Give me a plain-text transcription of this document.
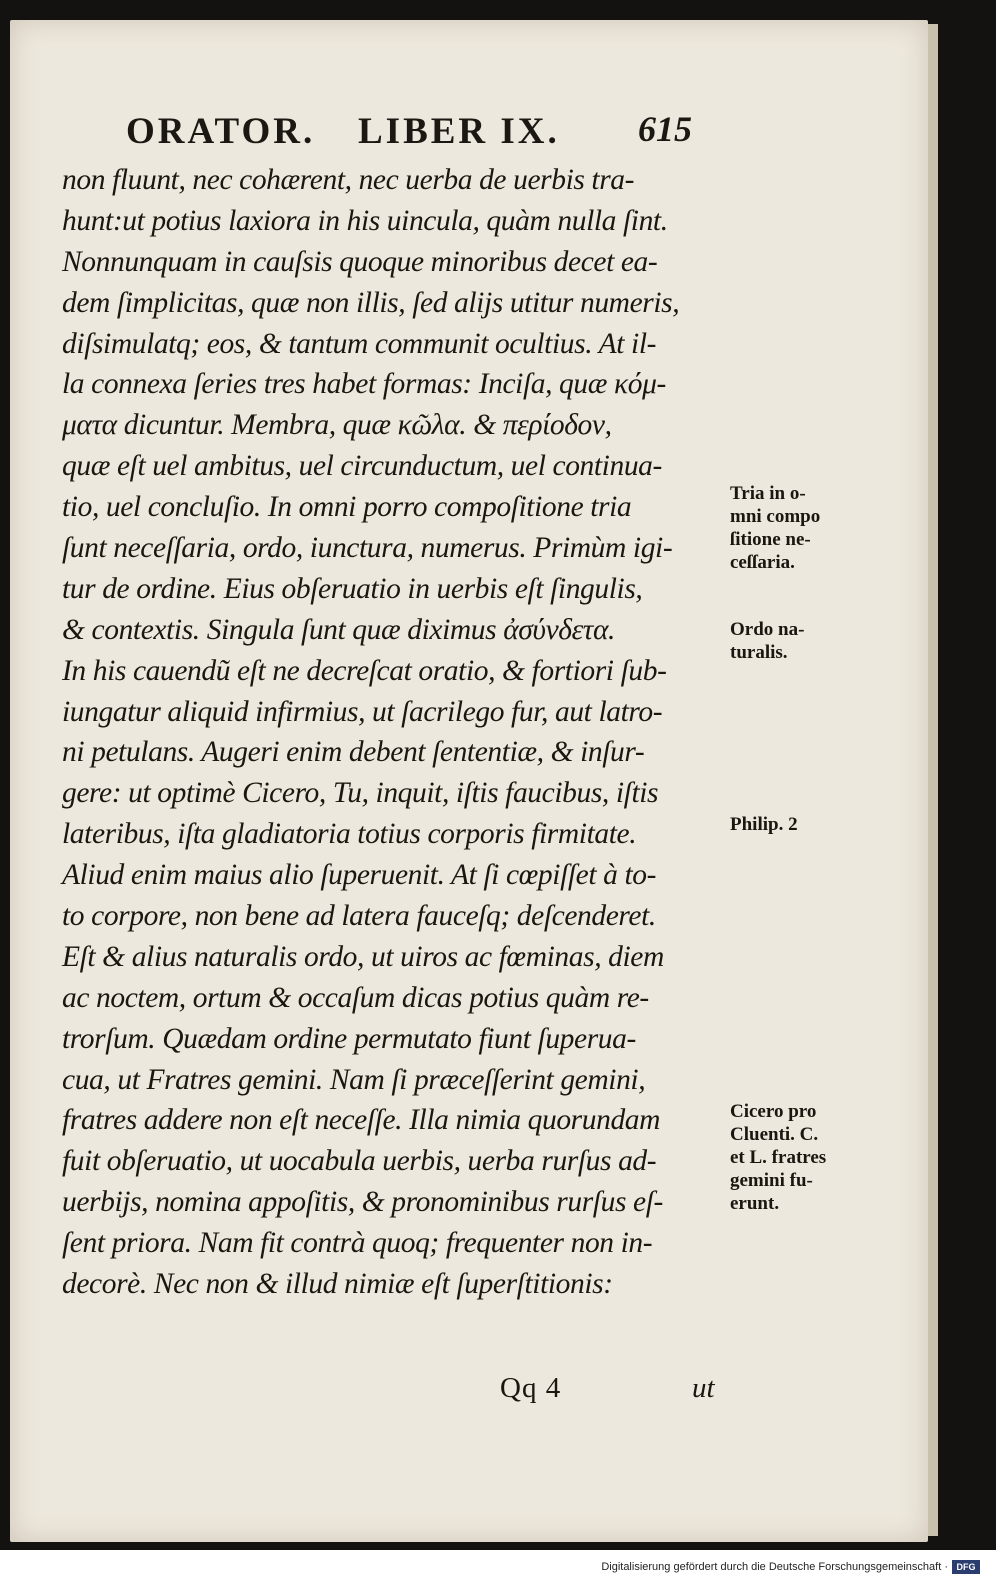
ORATOR. LIBER IX. 615
non fluunt, nec cohærent, nec uerba de uerbis tra-
hunt:ut potius laxiora in his uincula, quàm nulla ſint.
Nonnunquam in cauſsis quoque minoribus decet ea-
dem ſimplicitas, quæ non illis, ſed alijs utitur numeris,
diſsimulatq; eos, & tantum communit ocultius. At il-
la connexa ſeries tres habet formas: Inciſa, quæ κόμ-
ματα dicuntur. Membra, quæ κῶλα. & περίοδον,
quæ eſt uel ambitus, uel circunductum, uel continua-
tio, uel concluſio. In omni porro compoſitione tria
ſunt neceſſaria, ordo, iunctura, numerus. Primùm igi-
tur de ordine. Eius obſeruatio in uerbis eſt ſingulis,
& contextis. Singula ſunt quæ diximus ἀσύνδετα.
In his cauendũ eſt ne decreſcat oratio, & fortiori ſub-
iungatur aliquid infirmius, ut ſacrilego fur, aut latro-
ni petulans. Augeri enim debent ſententiæ, & inſur-
gere: ut optimè Cicero, Tu, inquit, iſtis faucibus, iſtis
lateribus, iſta gladiatoria totius corporis firmitate.
Aliud enim maius alio ſuperuenit. At ſi cœpiſſet à to-
to corpore, non bene ad latera fauceſq; deſcenderet.
Eſt & alius naturalis ordo, ut uiros ac fœminas, diem
ac noctem, ortum & occaſum dicas potius quàm re-
trorſum. Quædam ordine permutato fiunt ſuperua-
cua, ut Fratres gemini. Nam ſi præceſſerint gemini,
fratres addere non eſt neceſſe. Illa nimia quorundam
fuit obſeruatio, ut uocabula uerbis, uerba rurſus ad-
uerbijs, nomina appoſitis, & pronominibus rurſus eſ-
ſent priora. Nam fit contrà quoq; frequenter non in-
decorè. Nec non & illud nimiæ eſt ſuperſtitionis:
Tria in o-
mni compo
ſitione ne-
ceſſaria.
Ordo na-
turalis.
Philip. 2
Cicero pro
Cluenti. C.
et L. fratres
gemini fu-
erunt.
Qq 4	ut
Digitalisierung gefördert durch die Deutsche Forschungsgemeinschaft · DFG
